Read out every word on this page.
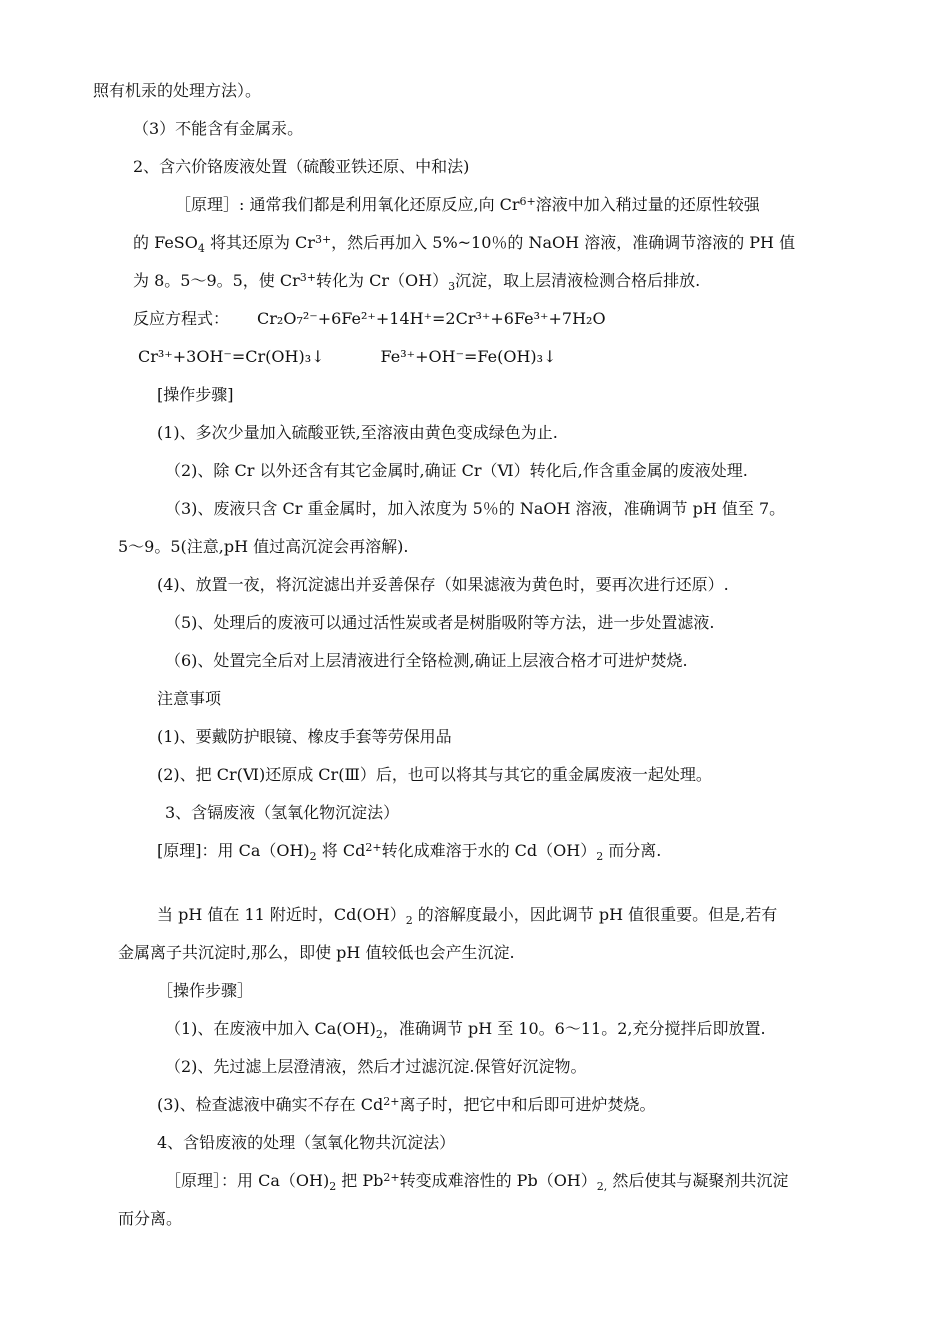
照有机汞的处理方法）。
（3）不能含有金属汞。
2、含六价铬废液处置（硫酸亚铁还原、中和法)
［原理］: 通常我们都是利用氧化还原反应,向 $Cr^{6+}$溶液中加入稍过量的还原性较强
的 FeSO$_4$ 将其还原为 $Cr^{3+}$，然后再加入 5%~10％的 NaOH 溶液，准确调节溶液的 PH 值
为 8。5～9。5，使 $Cr^{3+}$转化为 $Cr(OH)_3$沉淀，取上层清液检测合格后排放.
反应方程式： Cr₂O₇²⁻+6Fe²⁺+14H⁺=2Cr³⁺+6Fe³⁺+7H₂O
Cr³⁺+3OH⁻=Cr(OH)₃↓	Fe³⁺+OH⁻=Fe(OH)₃↓
[操作步骤]
(1)、多次少量加入硫酸亚铁,至溶液由黄色变成绿色为止.
（2)、除 Cr 以外还含有其它金属时,确证 Cr（Ⅵ）转化后,作含重金属的废液处理.
（3)、废液只含 Cr 重金属时，加入浓度为 5％的 NaOH 溶液，准确调节 pH 值至 7。
5～9。5(注意,pH 值过高沉淀会再溶解).
(4)、放置一夜，将沉淀滤出并妥善保存（如果滤液为黄色时，要再次进行还原）.
（5)、处理后的废液可以通过活性炭或者是树脂吸附等方法，进一步处置滤液.
（6)、处置完全后对上层清液进行全铬检测,确证上层液合格才可进炉焚烧.
注意事项
(1)、要戴防护眼镜、橡皮手套等劳保用品
(2)、把 Cr(Ⅵ)还原成 Cr(Ⅲ）后，也可以将其与其它的重金属废液一起处理。
3、含镉废液（氢氧化物沉淀法）
[原理]：用 $Ca(OH)_2$ 将 $Cd^{2+}$转化成难溶于水的 $Cd(OH)_2$ 而分离.
当 pH 值在 11 附近时，$Cd(OH)_2$ 的溶解度最小，因此调节 pH 值很重要。但是,若有
金属离子共沉淀时,那么，即使 pH 值较低也会产生沉淀.
［操作步骤］
（1)、在废液中加入 $Ca(OH)_2$，准确调节 pH 至 10。6～11。2,充分搅拌后即放置.
（2)、先过滤上层澄清液，然后才过滤沉淀.保管好沉淀物。
(3)、检查滤液中确实不存在 $Cd^{2+}$离子时，把它中和后即可进炉焚烧。
4、含铅废液的处理（氢氧化物共沉淀法）
［原理］：用 $Ca(OH)_2$ 把 $Pb^{2+}$转变成难溶性的 $Pb(OH)_{2,}$ 然后使其与凝聚剂共沉淀
而分离。
